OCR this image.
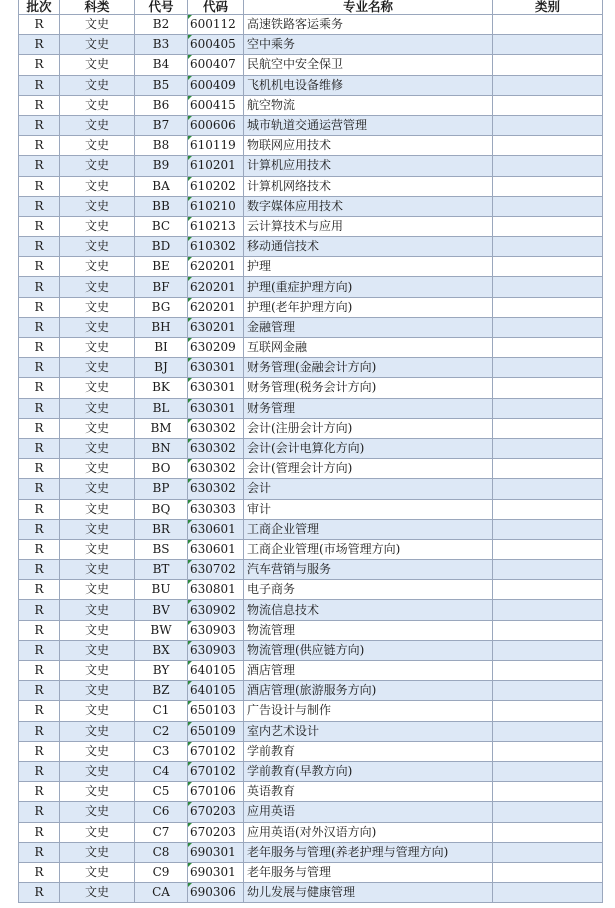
批次	科类	代号	代码	专业名称	类别
R	文史	B2	600112	高速铁路客运乘务	
R	文史	B3	600405	空中乘务	
R	文史	B4	600407	民航空中安全保卫	
R	文史	B5	600409	飞机机电设备维修	
R	文史	B6	600415	航空物流	
R	文史	B7	600606	城市轨道交通运营管理	
R	文史	B8	610119	物联网应用技术	
R	文史	B9	610201	计算机应用技术	
R	文史	BA	610202	计算机网络技术	
R	文史	BB	610210	数字媒体应用技术	
R	文史	BC	610213	云计算技术与应用	
R	文史	BD	610302	移动通信技术	
R	文史	BE	620201	护理	
R	文史	BF	620201	护理(重症护理方向)	
R	文史	BG	620201	护理(老年护理方向)	
R	文史	BH	630201	金融管理	
R	文史	BI	630209	互联网金融	
R	文史	BJ	630301	财务管理(金融会计方向)	
R	文史	BK	630301	财务管理(税务会计方向)	
R	文史	BL	630301	财务管理	
R	文史	BM	630302	会计(注册会计方向)	
R	文史	BN	630302	会计(会计电算化方向)	
R	文史	BO	630302	会计(管理会计方向)	
R	文史	BP	630302	会计	
R	文史	BQ	630303	审计	
R	文史	BR	630601	工商企业管理	
R	文史	BS	630601	工商企业管理(市场管理方向)	
R	文史	BT	630702	汽车营销与服务	
R	文史	BU	630801	电子商务	
R	文史	BV	630902	物流信息技术	
R	文史	BW	630903	物流管理	
R	文史	BX	630903	物流管理(供应链方向)	
R	文史	BY	640105	酒店管理	
R	文史	BZ	640105	酒店管理(旅游服务方向)	
R	文史	C1	650103	广告设计与制作	
R	文史	C2	650109	室内艺术设计	
R	文史	C3	670102	学前教育	
R	文史	C4	670102	学前教育(早教方向)	
R	文史	C5	670106	英语教育	
R	文史	C6	670203	应用英语	
R	文史	C7	670203	应用英语(对外汉语方向)	
R	文史	C8	690301	老年服务与管理(养老护理与管理方向)	
R	文史	C9	690301	老年服务与管理	
R	文史	CA	690306	幼儿发展与健康管理	
